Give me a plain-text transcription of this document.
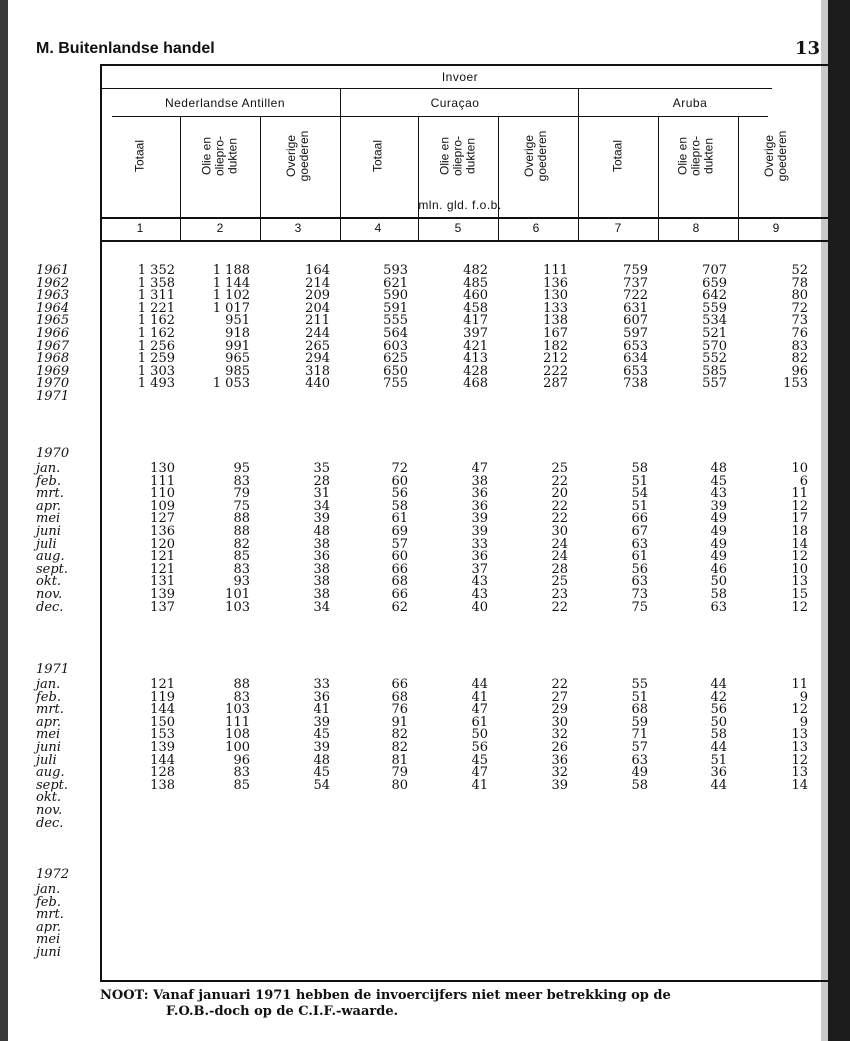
M. Buitenlandse handel	13
Invoer
Nederlandse Antillen	Curaçao	Aruba
Totaal	Olie en
oliepro-
dukten	Overige
goederen	Totaal	Olie en
oliepro-
dukten	Overige
goederen	Totaal	Olie en
oliepro-
dukten	Overige
goederen
mln. gld. f.o.b.
1	2	3	4	5	6	7	8	9
1961	1 352	1 188	164	593	482	111	759	707	52
1962	1 358	1 144	214	621	485	136	737	659	78
1963	1 311	1 102	209	590	460	130	722	642	80
1964	1 221	1 017	204	591	458	133	631	559	72
1965	1 162	951	211	555	417	138	607	534	73
1966	1 162	918	244	564	397	167	597	521	76
1967	1 256	991	265	603	421	182	653	570	83
1968	1 259	965	294	625	413	212	634	552	82
1969	1 303	985	318	650	428	222	653	585	96
1970	1 493	1 053	440	755	468	287	738	557	153
1971
1970
jan.	130	95	35	72	47	25	58	48	10
feb.	111	83	28	60	38	22	51	45	6
mrt.	110	79	31	56	36	20	54	43	11
apr.	109	75	34	58	36	22	51	39	12
mei	127	88	39	61	39	22	66	49	17
juni	136	88	48	69	39	30	67	49	18
juli	120	82	38	57	33	24	63	49	14
aug.	121	85	36	60	36	24	61	49	12
sept.	121	83	38	66	37	28	56	46	10
okt.	131	93	38	68	43	25	63	50	13
nov.	139	101	38	66	43	23	73	58	15
dec.	137	103	34	62	40	22	75	63	12
1971
jan.	121	88	33	66	44	22	55	44	11
feb.	119	83	36	68	41	27	51	42	9
mrt.	144	103	41	76	47	29	68	56	12
apr.	150	111	39	91	61	30	59	50	9
mei	153	108	45	82	50	32	71	58	13
juni	139	100	39	82	56	26	57	44	13
juli	144	96	48	81	45	36	63	51	12
aug.	128	83	45	79	47	32	49	36	13
sept.	138	85	54	80	41	39	58	44	14
okt.
nov.
dec.
1972
jan.
feb.
mrt.
apr.
mei
juni
NOOT: Vanaf januari 1971 hebben de invoercijfers niet meer betrekking op de
F.O.B.-doch op de C.I.F.-waarde.
